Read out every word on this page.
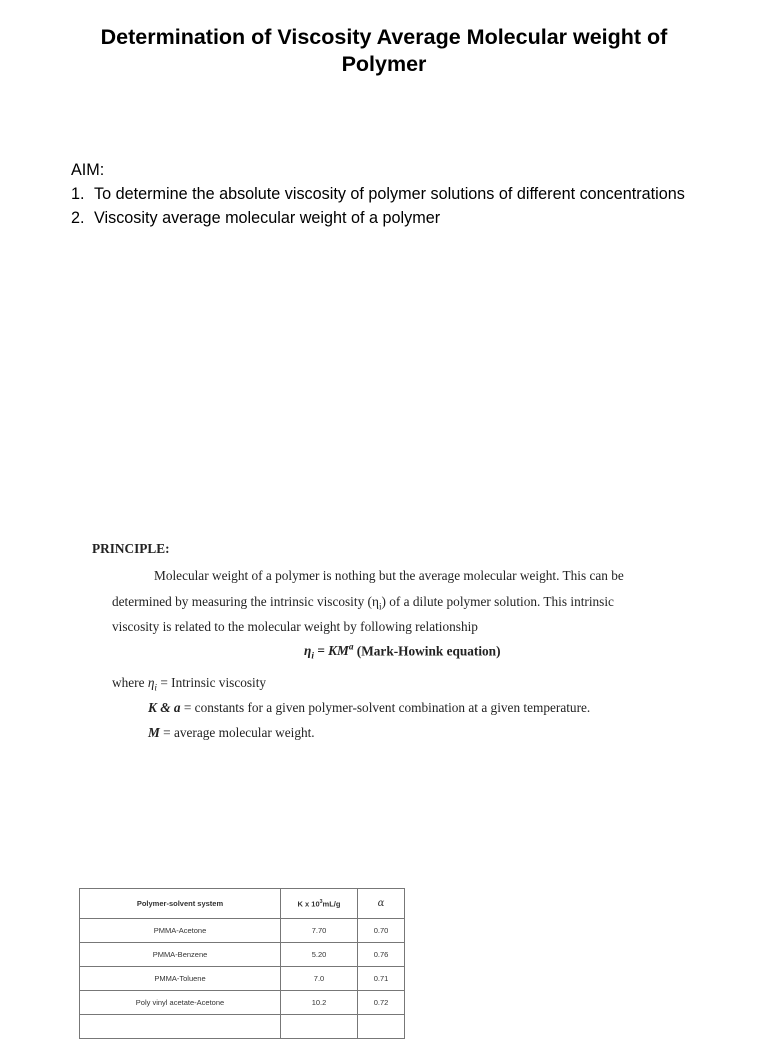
Determination of Viscosity Average Molecular weight of
Polymer
AIM:
1. To determine the absolute viscosity of polymer solutions of different concentrations
2. Viscosity average molecular weight of a polymer
PRINCIPLE:
Molecular weight of a polymer is nothing but the average molecular weight. This can be
determined by measuring the intrinsic viscosity $(\eta_i)$ of a dilute polymer solution. This intrinsic
viscosity is related to the molecular weight by following relationship
$\eta_i = KM^a$ (Mark-Howink equation)
where $\eta_i$ = Intrinsic viscosity
K & a = constants for a given polymer-solvent combination at a given temperature.
M = average molecular weight.
Polymer-solvent system	K x $10^3mL/g$	α
PMMA-Acetone	7.70	0.70
PMMA-Benzene	5.20	0.76
PMMA-Toluene	7.0	0.71
Poly vinyl acetate-Acetone	10.2	0.72
